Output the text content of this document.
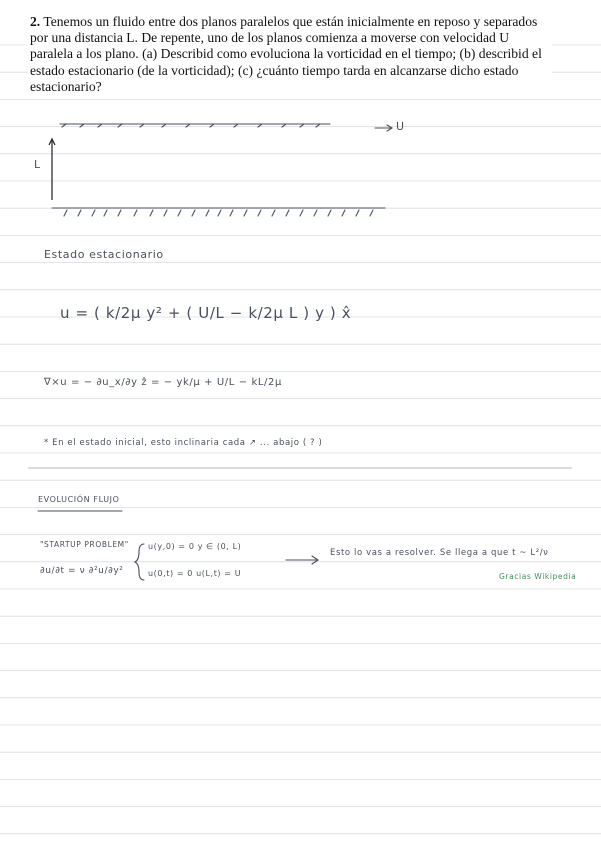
2. Tenemos un fluido entre dos planos paralelos que están inicialmente en reposo y separados por una distancia L. De repente, uno de los planos comienza a moverse con velocidad U paralela a los plano. (a) Describid como evoluciona la vorticidad en el tiempo; (b) describid el estado estacionario (de la vorticidad); (c) ¿cuánto tiempo tarda en alcanzarse dicho estado estacionario?
U
L
Estado estacionario
u = ( k/2μ y² + ( U/L − k/2μ L ) y ) x̂
∇×u = − ∂u_x/∂y ẑ = − yk/μ + U/L − kL/2μ
* En el estado inicial, esto inclinaria cada ↗ ... abajo ( ? )
EVOLUCIÓN FLUJO
"STARTUP PROBLEM"
∂u/∂t = ν ∂²u/∂y²
u(y,0) = 0 y ∈ (0, L)
u(0,t) = 0 u(L,t) = U
Esto lo vas a resolver. Se llega a que t ~ L²/ν
Gracias Wikipedia
